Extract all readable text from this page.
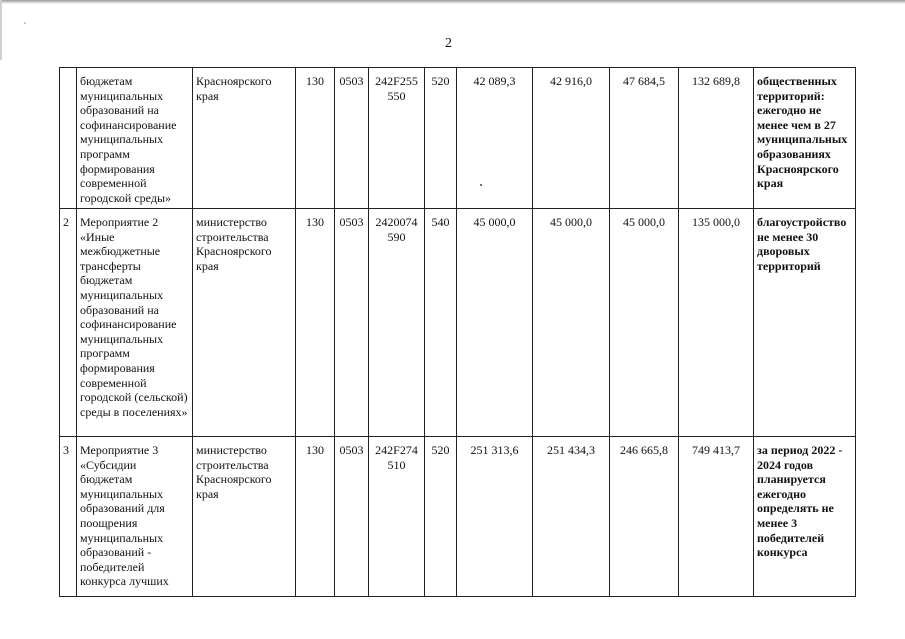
2
	бюджетам муниципальных образований на софинансирование муниципальных программ формирования современной городской среды»	Красноярского края	130	0503	242F255 550	520	42 089,3	42 916,0	47 684,5	132 689,8	общественных территорий: ежегодно не менее чем в 27 муниципальных образованиях Красноярского края
2	Мероприятие 2 «Иные межбюджетные трансферты бюджетам муниципальных образований на софинансирование муниципальных программ формирования современной городской (сельской) среды в поселениях»	министерство строительства Красноярского края	130	0503	2420074 590	540	45 000,0	45 000,0	45 000,0	135 000,0	благоустройство не менее 30 дворовых территорий
3	Мероприятие 3 «Субсидии бюджетам муниципальных образований для поощрения муниципальных образований - победителей конкурса лучших	министерство строительства Красноярского края	130	0503	242F274 510	520	251 313,6	251 434,3	246 665,8	749 413,7	за период 2022 - 2024 годов планируется ежегодно определять не менее 3 победителей конкурса
